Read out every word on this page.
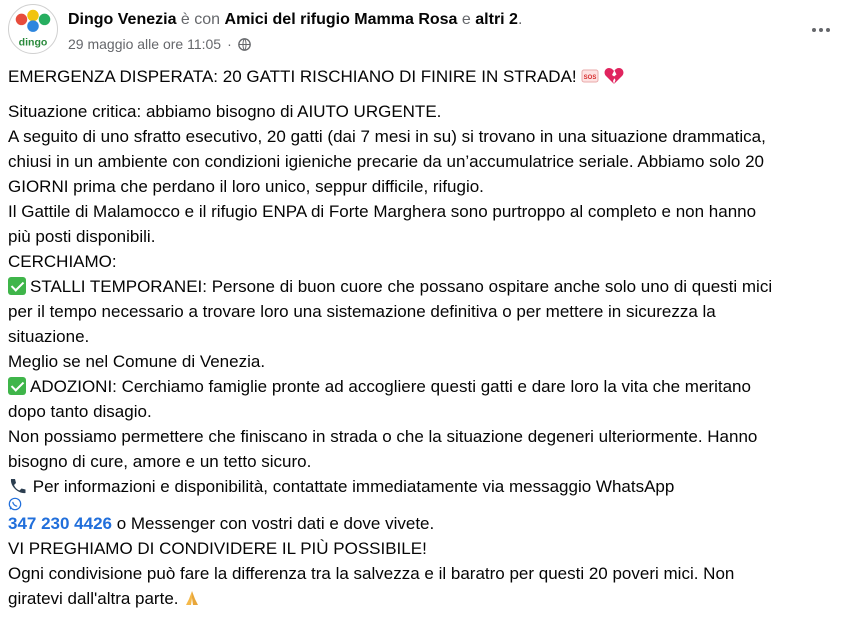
dingo
Dingo Venezia è con Amici del rifugio Mamma Rosa e altri 2.
29 maggio alle ore 11:05 ·

EMERGENZA DISPERATA: 20 GATTI RISCHIANO DI FINIRE IN STRADA! SOS

Situazione critica: abbiamo bisogno di AIUTO URGENTE.

A seguito di uno sfratto esecutivo, 20 gatti (dai 7 mesi in su) si trovano in una situazione drammatica,

chiusi in un ambiente con condizioni igieniche precarie da un’accumulatrice seriale. Abbiamo solo 20

GIORNI prima che perdano il loro unico, seppur difficile, rifugio.

Il Gattile di Malamocco e il rifugio ENPA di Forte Marghera sono purtroppo al completo e non hanno

più posti disponibili.

CERCHIAMO:

STALLI TEMPORANEI: Persone di buon cuore che possano ospitare anche solo uno di questi mici

per il tempo necessario a trovare loro una sistemazione definitiva o per mettere in sicurezza la

situazione.

Meglio se nel Comune di Venezia.

ADOZIONI: Cerchiamo famiglie pronte ad accogliere questi gatti e dare loro la vita che meritano

dopo tanto disagio.

Non possiamo permettere che finiscano in strada o che la situazione degeneri ulteriormente. Hanno

bisogno di cure, amore e un tetto sicuro.

Per informazioni e disponibilità, contattate immediatamente via messaggio WhatsApp

347 230 4426 o Messenger con vostri dati e dove vivete.

VI PREGHIAMO DI CONDIVIDERE IL PIÙ POSSIBILE!

Ogni condivisione può fare la differenza tra la salvezza e il baratro per questi 20 poveri mici. Non

giratevi dall'altra parte.
